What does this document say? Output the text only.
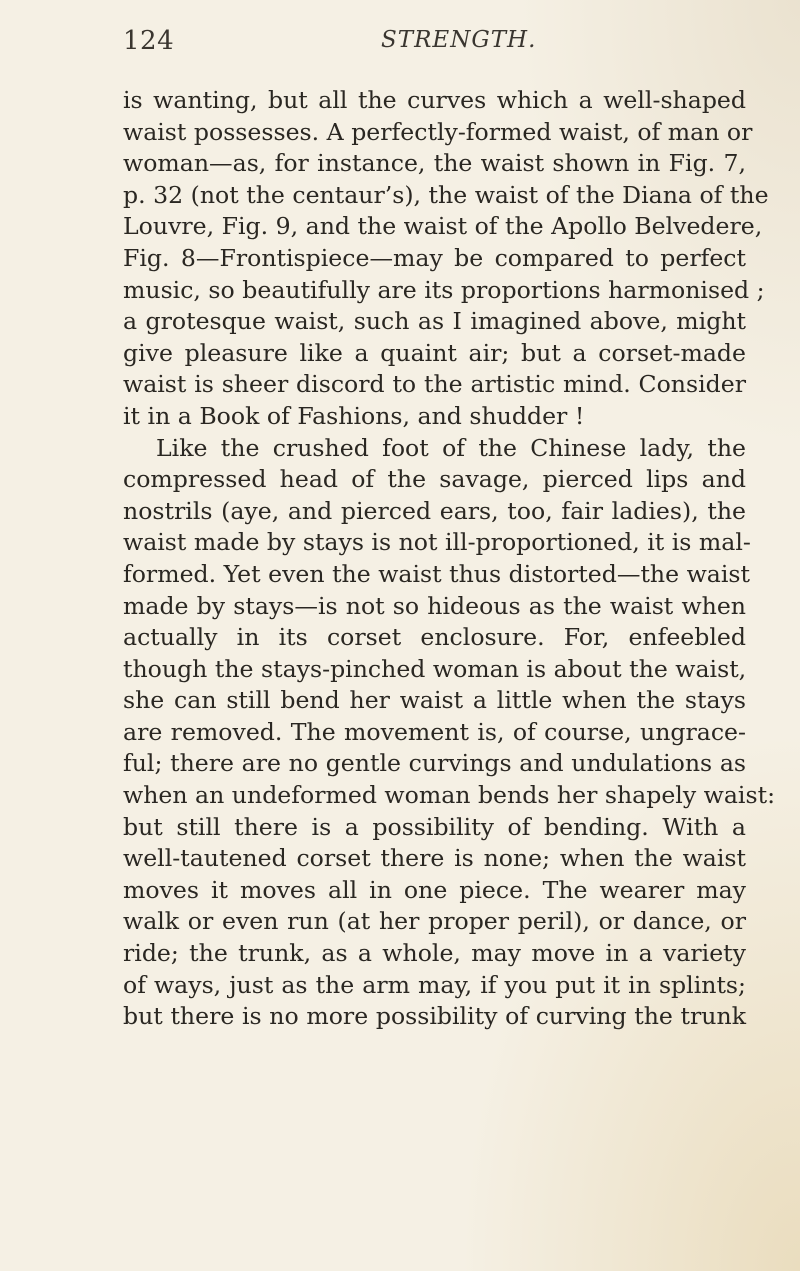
124	STRENGTH.
is wanting, but all the curves which a well-shaped
waist possesses. A perfectly-formed waist, of man or
woman—as, for instance, the waist shown in Fig. 7,
p. 32 (not the centaur’s), the waist of the Diana of the
Louvre, Fig. 9, and the waist of the Apollo Belvedere,
Fig. 8—Frontispiece—may be compared to perfect
music, so beautifully are its proportions harmonised ;
a grotesque waist, such as I imagined above, might
give pleasure like a quaint air; but a corset-made
waist is sheer discord to the artistic mind. Consider
it in a Book of Fashions, and shudder !
Like the crushed foot of the Chinese lady, the
compressed head of the savage, pierced lips and
nostrils (aye, and pierced ears, too, fair ladies), the
waist made by stays is not ill-proportioned, it is mal-
formed. Yet even the waist thus distorted—the waist
made by stays—is not so hideous as the waist when
actually in its corset enclosure. For, enfeebled
though the stays-pinched woman is about the waist,
she can still bend her waist a little when the stays
are removed. The movement is, of course, ungrace-
ful; there are no gentle curvings and undulations as
when an undeformed woman bends her shapely waist:
but still there is a possibility of bending. With a
well-tautened corset there is none; when the waist
moves it moves all in one piece. The wearer may
walk or even run (at her proper peril), or dance, or
ride; the trunk, as a whole, may move in a variety
of ways, just as the arm may, if you put it in splints;
but there is no more possibility of curving the trunk
